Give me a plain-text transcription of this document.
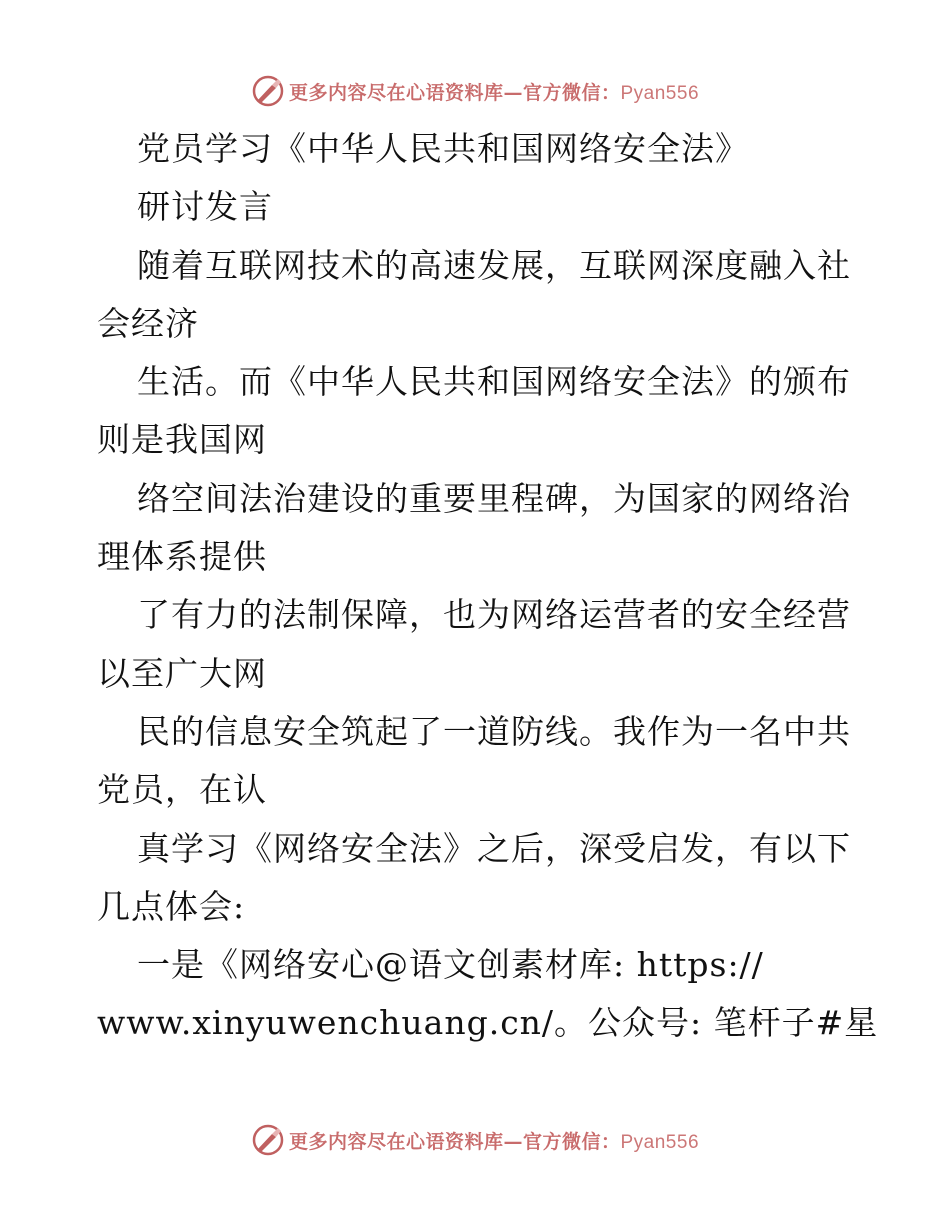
更多内容尽在心语资料库—官方微信：Pyan556
党员学习《中华人民共和国网络安全法》
研讨发言
随着互联网技术的高速发展，互联网深度融入社
会经济
生活。而《中华人民共和国网络安全法》的颁布
则是我国网
络空间法治建设的重要里程碑，为国家的网络治
理体系提供
了有力的法制保障，也为网络运营者的安全经营
以至广大网
民的信息安全筑起了一道防线。我作为一名中共
党员，在认
真学习《网络安全法》之后，深受启发，有以下
几点体会:
一是《网络安心@语文创素材库: https://
www.xinyuwenchuang.cn/。公众号: 笔杆子#星
更多内容尽在心语资料库—官方微信：Pyan556
